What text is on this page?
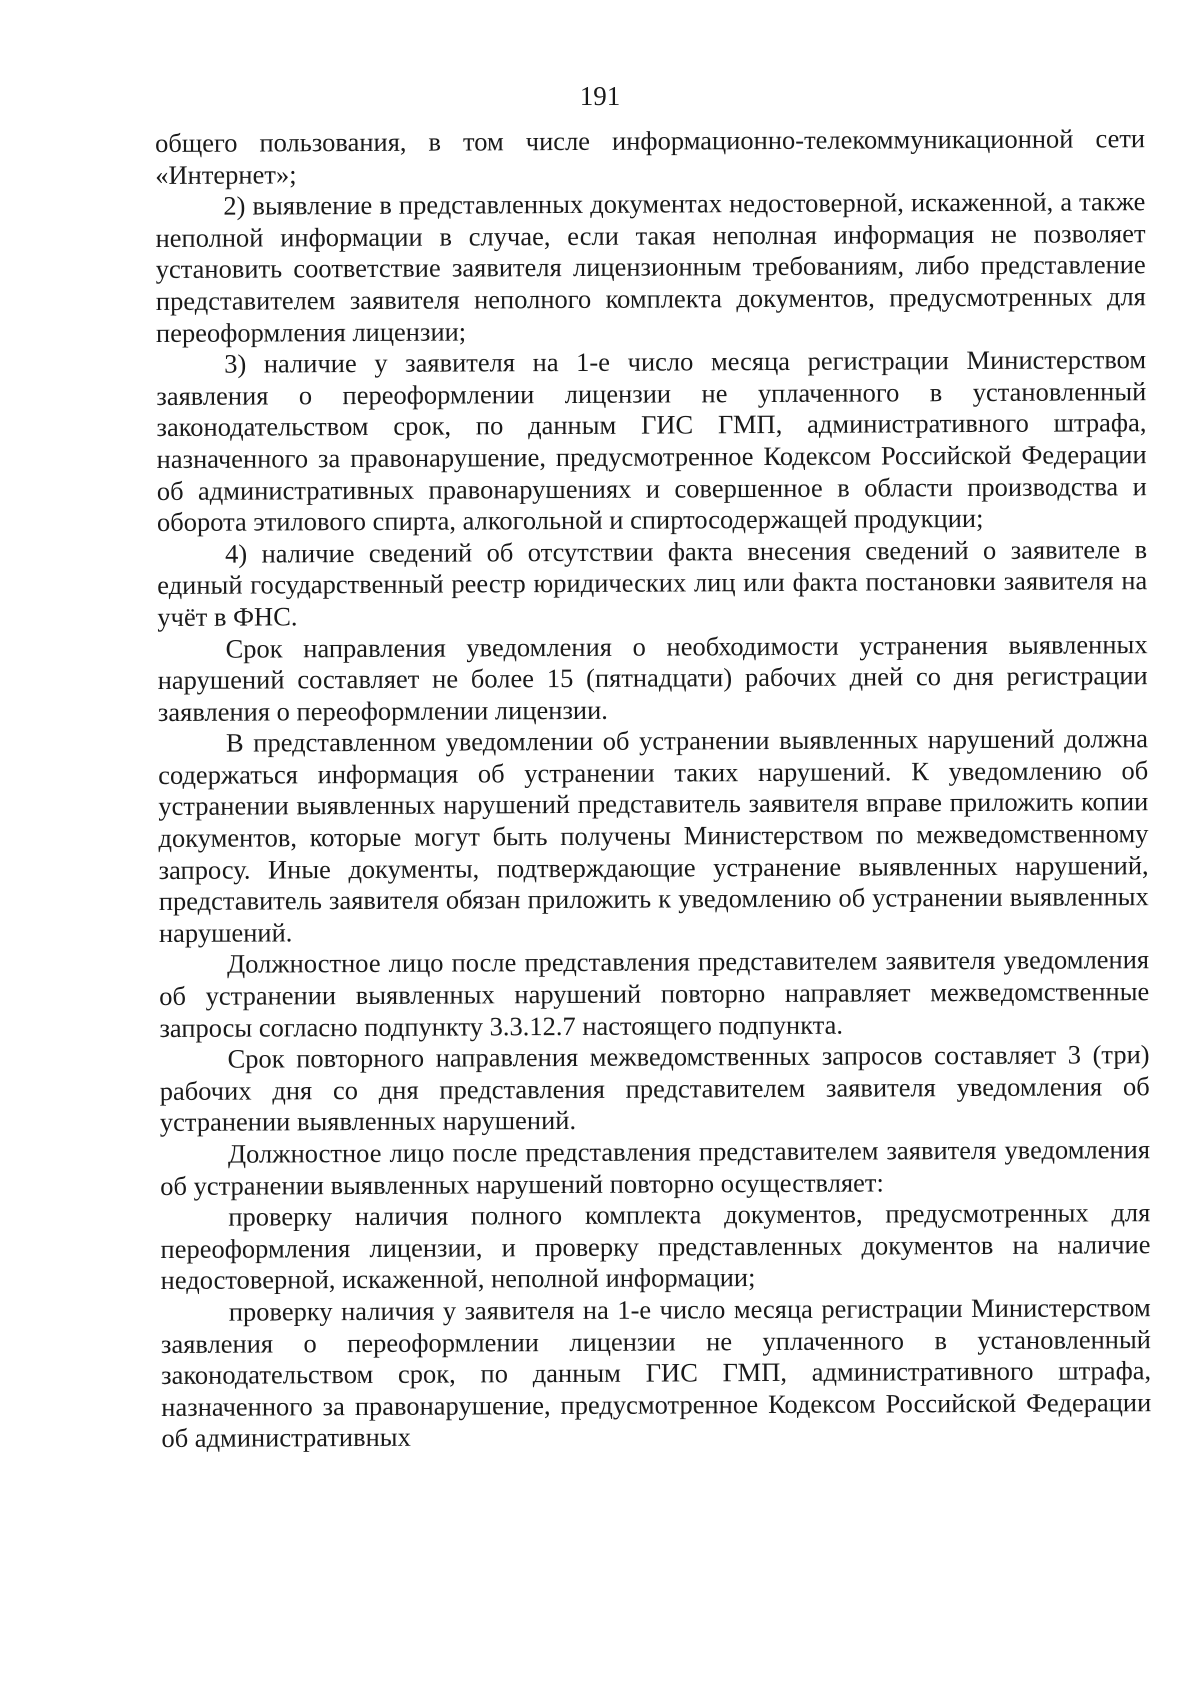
191

общего пользования, в том числе информационно-телекоммуникационной сети «Интернет»;

2) выявление в представленных документах недостоверной, искаженной, а также неполной информации в случае, если такая неполная информация не позволяет установить соответствие заявителя лицензионным требованиям, либо представление представителем заявителя неполного комплекта документов, предусмотренных для переоформления лицензии;

3) наличие у заявителя на 1-е число месяца регистрации Министерством заявления о переоформлении лицензии не уплаченного в установленный законодательством срок, по данным ГИС ГМП, административного штрафа, назначенного за правонарушение, предусмотренное Кодексом Российской Федерации об административных правонарушениях и совершенное в области производства и оборота этилового спирта, алкогольной и спиртосодержащей продукции;

4) наличие сведений об отсутствии факта внесения сведений о заявителе в единый государственный реестр юридических лиц или факта постановки заявителя на учёт в ФНС.

Срок направления уведомления о необходимости устранения выявленных нарушений составляет не более 15 (пятнадцати) рабочих дней со дня регистрации заявления о переоформлении лицензии.

В представленном уведомлении об устранении выявленных нарушений должна содержаться информация об устранении таких нарушений. К уведомлению об устранении выявленных нарушений представитель заявителя вправе приложить копии документов, которые могут быть получены Министерством по межведомственному запросу. Иные документы, подтверждающие устранение выявленных нарушений, представитель заявителя обязан приложить к уведомлению об устранении выявленных нарушений.

Должностное лицо после представления представителем заявителя уведомления об устранении выявленных нарушений повторно направляет межведомственные запросы согласно подпункту 3.3.12.7 настоящего подпункта.

Срок повторного направления межведомственных запросов составляет 3 (три) рабочих дня со дня представления представителем заявителя уведомления об устранении выявленных нарушений.

Должностное лицо после представления представителем заявителя уведомления об устранении выявленных нарушений повторно осуществляет:

проверку наличия полного комплекта документов, предусмотренных для переоформления лицензии, и проверку представленных документов на наличие недостоверной, искаженной, неполной информации;

проверку наличия у заявителя на 1-е число месяца регистрации Министерством заявления о переоформлении лицензии не уплаченного в установленный законодательством срок, по данным ГИС ГМП, административного штрафа, назначенного за правонарушение, предусмотренное Кодексом Российской Федерации об административных
